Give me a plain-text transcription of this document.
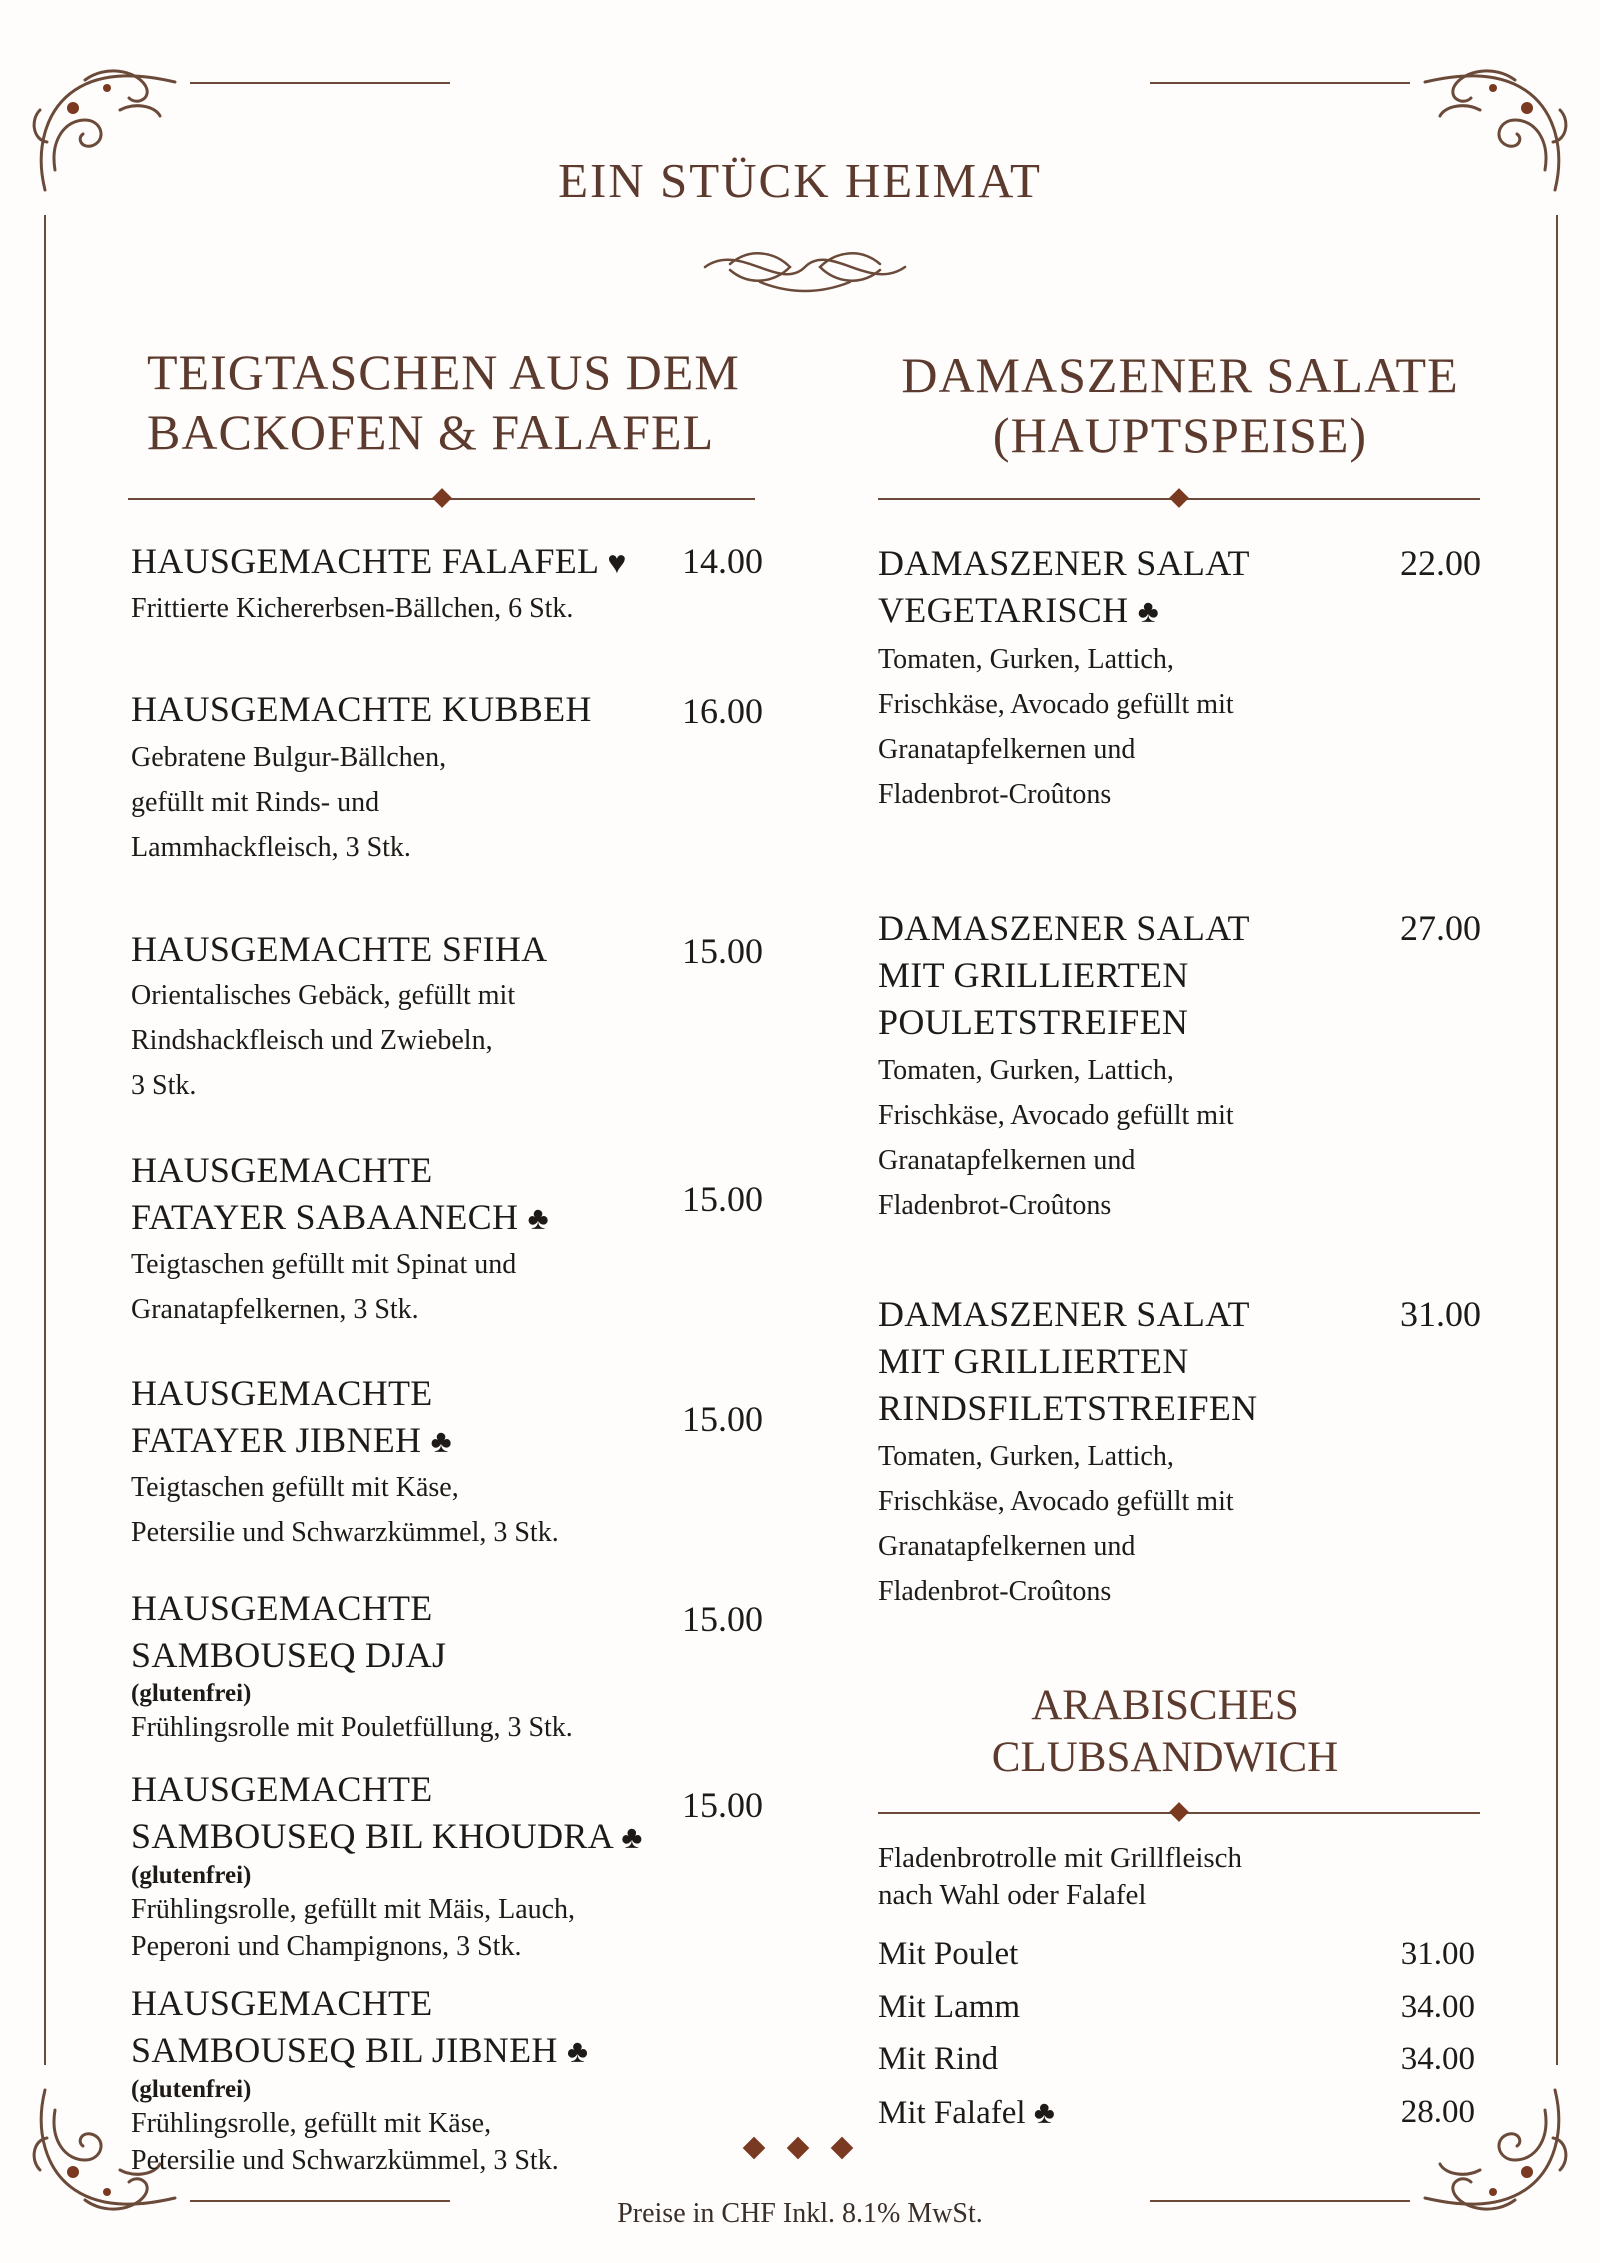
EIN STÜCK HEIMAT
TEIGTASCHEN AUS DEM
BACKOFEN & FALAFEL
DAMASZENER SALATE
(HAUPTSPEISE)
HAUSGEMACHTE FALAFEL ♥
Frittierte Kichererbsen-Bällchen, 6 Stk.
14.00
HAUSGEMACHTE KUBBEH
Gebratene Bulgur-Bällchen,
gefüllt mit Rinds- und
Lammhackfleisch, 3 Stk.
16.00
HAUSGEMACHTE SFIHA
Orientalisches Gebäck, gefüllt mit
Rindshackfleisch und Zwiebeln,
3 Stk.
15.00
HAUSGEMACHTE
FATAYER SABAANECH ♣
Teigtaschen gefüllt mit Spinat und
Granatapfelkernen, 3 Stk.
15.00
HAUSGEMACHTE
FATAYER JIBNEH ♣
Teigtaschen gefüllt mit Käse,
Petersilie und Schwarzkümmel, 3 Stk.
15.00
HAUSGEMACHTE
SAMBOUSEQ DJAJ
(glutenfrei)
Frühlingsrolle mit Pouletfüllung, 3 Stk.
15.00
HAUSGEMACHTE
SAMBOUSEQ BIL KHOUDRA ♣
(glutenfrei)
Frühlingsrolle, gefüllt mit Mäis, Lauch,
Peperoni und Champignons, 3 Stk.
15.00
HAUSGEMACHTE
SAMBOUSEQ BIL JIBNEH ♣
(glutenfrei)
Frühlingsrolle, gefüllt mit Käse,
Petersilie und Schwarzkümmel, 3 Stk.
DAMASZENER SALAT
VEGETARISCH ♣
Tomaten, Gurken, Lattich,
Frischkäse, Avocado gefüllt mit
Granatapfelkernen und
Fladenbrot-Croûtons
22.00
DAMASZENER SALAT
MIT GRILLIERTEN
POULETSTREIFEN
Tomaten, Gurken, Lattich,
Frischkäse, Avocado gefüllt mit
Granatapfelkernen und
Fladenbrot-Croûtons
27.00
DAMASZENER SALAT
MIT GRILLIERTEN
RINDSFILETSTREIFEN
Tomaten, Gurken, Lattich,
Frischkäse, Avocado gefüllt mit
Granatapfelkernen und
Fladenbrot-Croûtons
31.00
ARABISCHES
CLUBSANDWICH
Fladenbrotrolle mit Grillfleisch
nach Wahl oder Falafel
Mit Poulet	31.00
Mit Lamm	34.00
Mit Rind	34.00
Mit Falafel ♣	28.00
Preise in CHF Inkl. 8.1% MwSt.
